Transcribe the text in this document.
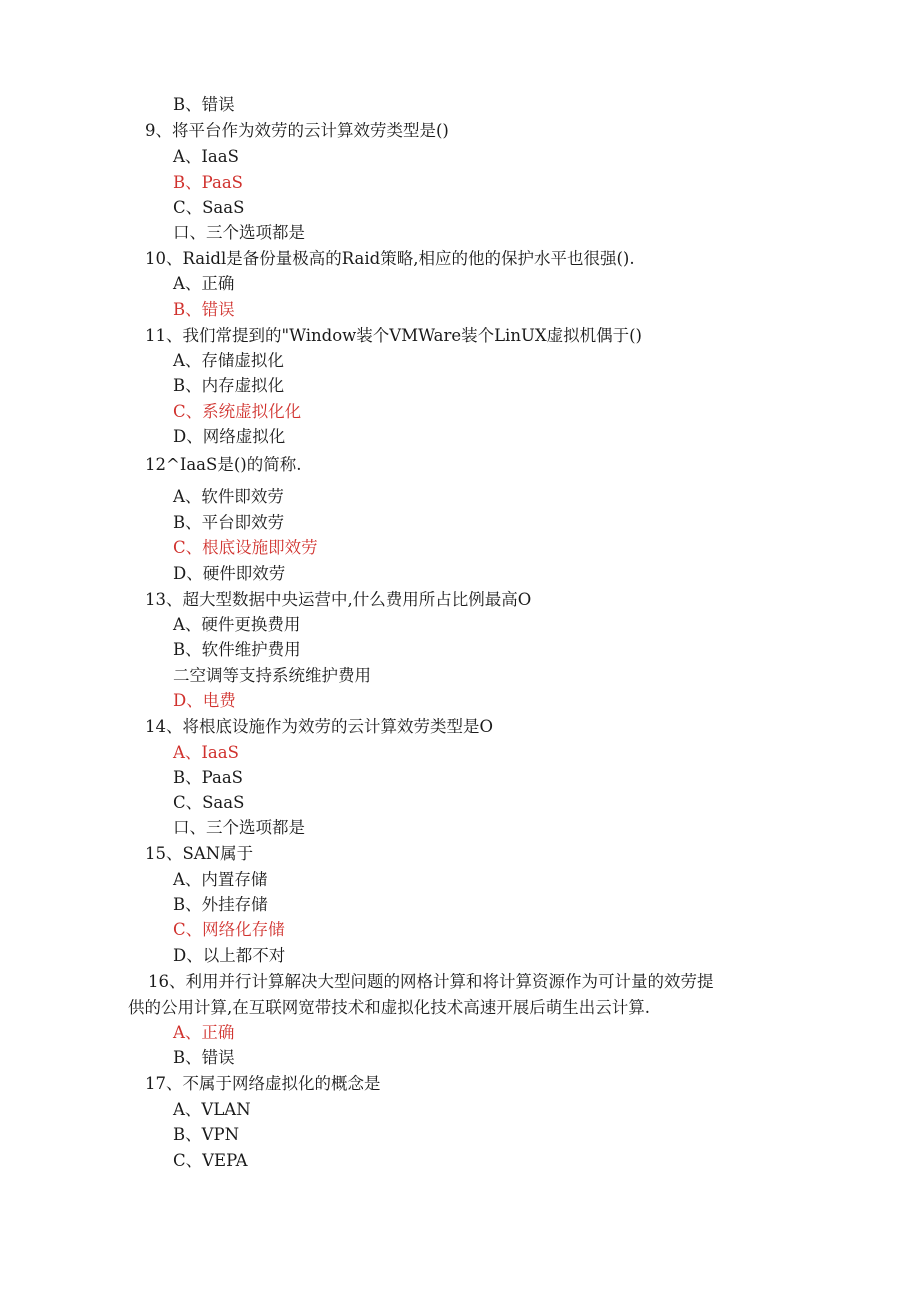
B、错误
9、将平台作为效劳的云计算效劳类型是()
A、IaaS
B、PaaS
C、SaaS
口、三个选项都是
10、Raidl是备份量极高的Raid策略,相应的他的保护水平也很强().
A、正确
B、错误
11、我们常提到的"Window装个VMWare装个LinUX虚拟机偶于()
A、存储虚拟化
B、内存虚拟化
C、系统虚拟化化
D、网络虚拟化
12^IaaS是()的简称.
A、软件即效劳
B、平台即效劳
C、根底设施即效劳
D、硬件即效劳
13、超大型数据中央运营中,什么费用所占比例最高O
A、硬件更换费用
B、软件维护费用
二空调等支持系统维护费用
D、电费
14、将根底设施作为效劳的云计算效劳类型是O
A、IaaS
B、PaaS
C、SaaS
口、三个选项都是
15、SAN属于
A、内置存储
B、外挂存储
C、网络化存储
D、以上都不对
16、利用并行计算解决大型问题的网格计算和将计算资源作为可计量的效劳提
供的公用计算,在互联网宽带技术和虚拟化技术高速开展后萌生出云计算.
A、正确
B、错误
17、不属于网络虚拟化的概念是
A、VLAN
B、VPN
C、VEPA
